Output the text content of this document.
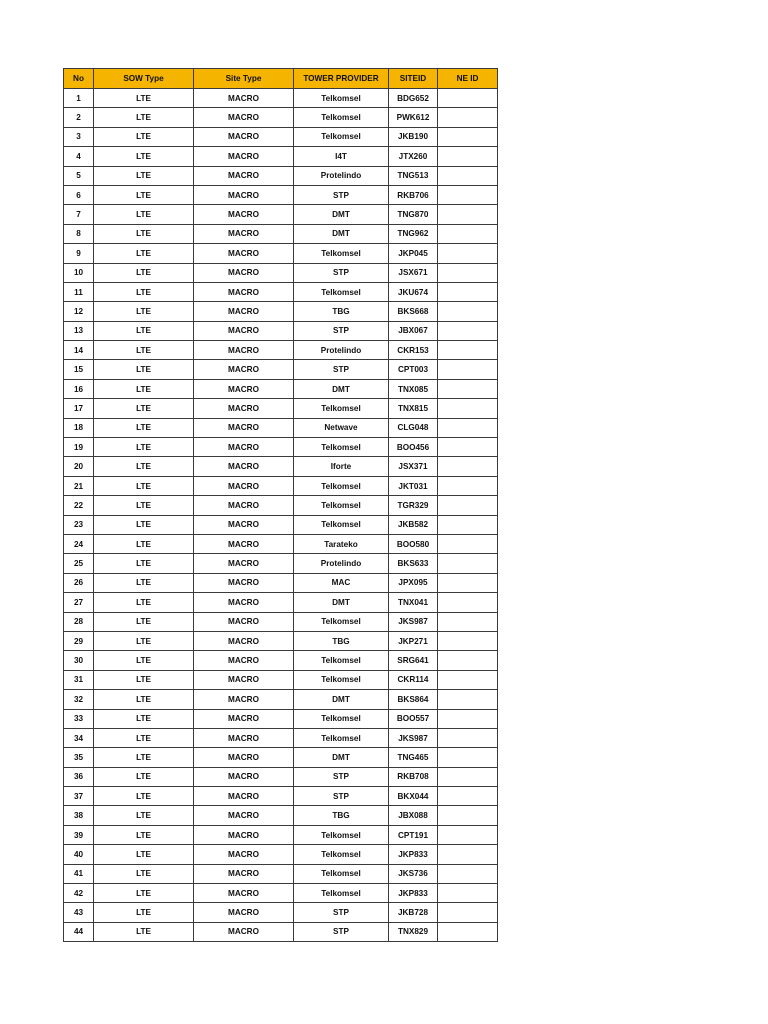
No	SOW Type	Site Type	TOWER PROVIDER	SITEID	NE ID
1	LTE	MACRO	Telkomsel	BDG652	
2	LTE	MACRO	Telkomsel	PWK612	
3	LTE	MACRO	Telkomsel	JKB190	
4	LTE	MACRO	I4T	JTX260	
5	LTE	MACRO	Protelindo	TNG513	
6	LTE	MACRO	STP	RKB706	
7	LTE	MACRO	DMT	TNG870	
8	LTE	MACRO	DMT	TNG962	
9	LTE	MACRO	Telkomsel	JKP045	
10	LTE	MACRO	STP	JSX671	
11	LTE	MACRO	Telkomsel	JKU674	
12	LTE	MACRO	TBG	BKS668	
13	LTE	MACRO	STP	JBX067	
14	LTE	MACRO	Protelindo	CKR153	
15	LTE	MACRO	STP	CPT003	
16	LTE	MACRO	DMT	TNX085	
17	LTE	MACRO	Telkomsel	TNX815	
18	LTE	MACRO	Netwave	CLG048	
19	LTE	MACRO	Telkomsel	BOO456	
20	LTE	MACRO	Iforte	JSX371	
21	LTE	MACRO	Telkomsel	JKT031	
22	LTE	MACRO	Telkomsel	TGR329	
23	LTE	MACRO	Telkomsel	JKB582	
24	LTE	MACRO	Tarateko	BOO580	
25	LTE	MACRO	Protelindo	BKS633	
26	LTE	MACRO	MAC	JPX095	
27	LTE	MACRO	DMT	TNX041	
28	LTE	MACRO	Telkomsel	JKS987	
29	LTE	MACRO	TBG	JKP271	
30	LTE	MACRO	Telkomsel	SRG641	
31	LTE	MACRO	Telkomsel	CKR114	
32	LTE	MACRO	DMT	BKS864	
33	LTE	MACRO	Telkomsel	BOO557	
34	LTE	MACRO	Telkomsel	JKS987	
35	LTE	MACRO	DMT	TNG465	
36	LTE	MACRO	STP	RKB708	
37	LTE	MACRO	STP	BKX044	
38	LTE	MACRO	TBG	JBX088	
39	LTE	MACRO	Telkomsel	CPT191	
40	LTE	MACRO	Telkomsel	JKP833	
41	LTE	MACRO	Telkomsel	JKS736	
42	LTE	MACRO	Telkomsel	JKP833	
43	LTE	MACRO	STP	JKB728	
44	LTE	MACRO	STP	TNX829	
